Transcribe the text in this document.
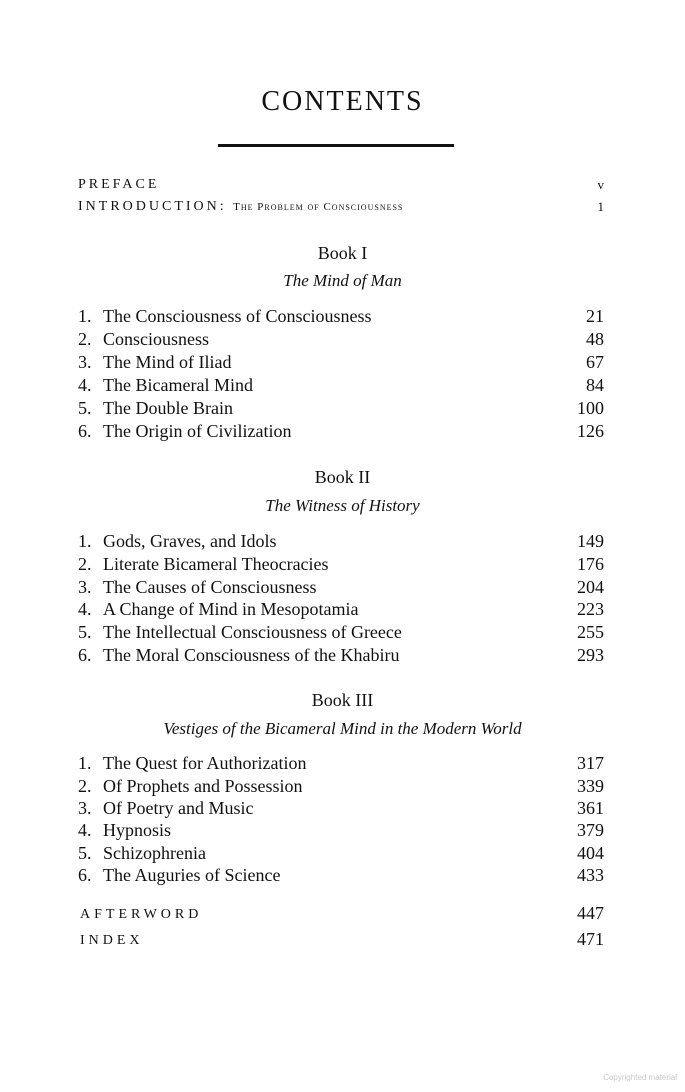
CONTENTS
PREFACE	v
INTRODUCTION: The Problem of Consciousness	1
Book I
The Mind of Man
1. The Consciousness of Consciousness	21
2. Consciousness	48
3. The Mind of Iliad	67
4. The Bicameral Mind	84
5. The Double Brain	100
6. The Origin of Civilization	126
Book II
The Witness of History
1. Gods, Graves, and Idols	149
2. Literate Bicameral Theocracies	176
3. The Causes of Consciousness	204
4. A Change of Mind in Mesopotamia	223
5. The Intellectual Consciousness of Greece	255
6. The Moral Consciousness of the Khabiru	293
Book III
Vestiges of the Bicameral Mind in the Modern World
1. The Quest for Authorization	317
2. Of Prophets and Possession	339
3. Of Poetry and Music	361
4. Hypnosis	379
5. Schizophrenia	404
6. The Auguries of Science	433
AFTERWORD	447
INDEX	471
Copyrighted material
